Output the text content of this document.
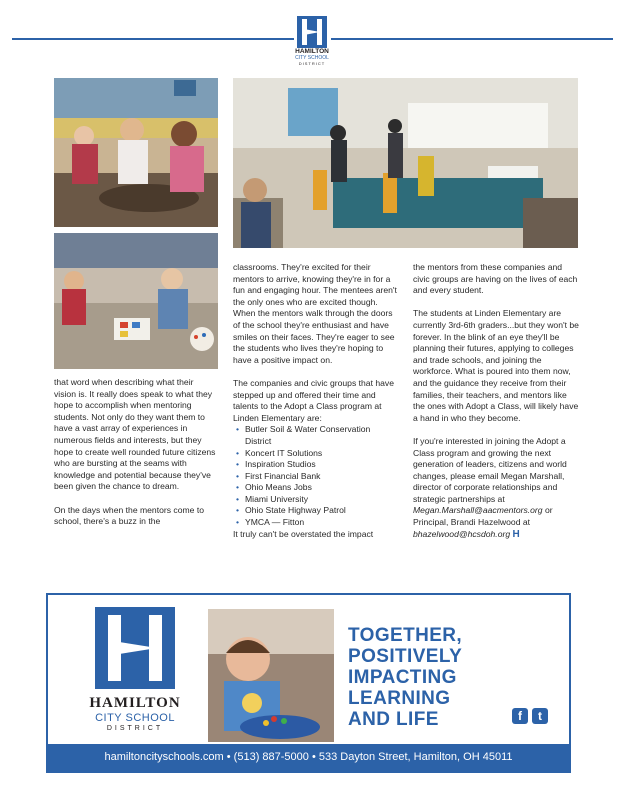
HAMILTON
CITY SCHOOL
DISTRICT

that word when describing what their vision is. It really does speak to what they hope to accomplish when mentoring students. Not only do they want them to have a vast array of experiences in numerous fields and interests, but they hope to create well rounded future citizens who are bursting at the seams with knowledge and potential because they've been given the chance to dream.

On the days when the mentors come to school, there's a buzz in the

classrooms. They're excited for their mentors to arrive, knowing they're in for a fun and engaging hour. The mentees aren't the only ones who are excited though. When the mentors walk through the doors of the school they're enthusiast and have smiles on their faces. They're eager to see the students who lives they're hoping to have a positive impact on.

The companies and civic groups that have stepped up and offered their time and talents to the Adopt a Class program at Linden Elementary are:

• Butler Soil & Water Conservation District
• Koncert IT Solutions
• Inspiration Studios
• First Financial Bank
• Ohio Means Jobs
• Miami University
• Ohio State Highway Patrol
• YMCA — Fitton

It truly can't be overstated the impact

the mentors from these companies and civic groups are having on the lives of each and every student.

The students at Linden Elementary are currently 3rd-6th graders...but they won't be forever. In the blink of an eye they'll be planning their futures, applying to colleges and trade schools, and joining the workforce. What is poured into them now, and the guidance they receive from their families, their teachers, and mentors like the ones with Adopt a Class, will likely have a hand in who they become.

If you're interested in joining the Adopt a Class program and growing the next generation of leaders, citizens and world changes, please email Megan Marshall, director of corporate relationships and strategic partnerships at Megan.Marshall@aacmentors.org or Principal, Brandi Hazelwood at bhazelwood@hcsdoh.org H

HAMILTON
CITY SCHOOL
DISTRICT
TOGETHER,
POSITIVELY
IMPACTING
LEARNING
AND LIFE	f	t
hamiltoncityschools.com • (513) 887-5000 • 533 Dayton Street, Hamilton, OH 45011
